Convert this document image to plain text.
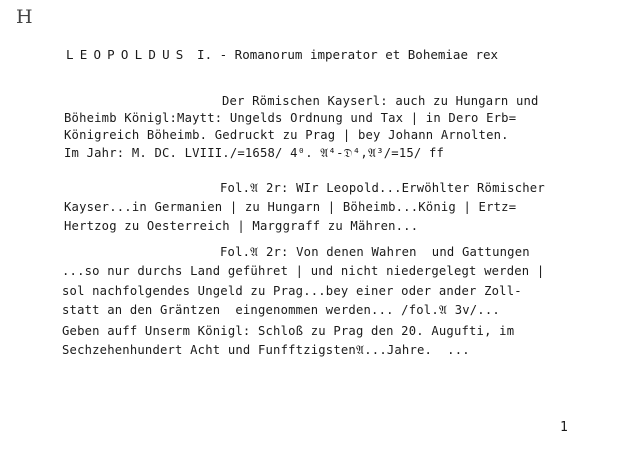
H
LEOPOLDUS I. - Romanorum imperator et Bohemiae rex
Der Römischen Kayserl: auch zu Hungarn und
Böheimb Königl:Maytt: Ungelds Ordnung und Tax | in Dero Erb=
Königreich Böheimb. Gedruckt zu Prag | bey Johann Arnolten.
Im Jahr: M. DC. LVIII./=1658/ 4⁰. 𝔄⁴-𝔇⁴,𝔄³/=15/ ff
Fol.𝔄 2r: WIr Leopold...Erwöhlter Römischer
Kayser...in Germanien | zu Hungarn | Böheimb...König | Ertz=
Hertzog zu Oesterreich | Marggraff zu Mähren...
Fol.𝔄 2r: Von denen Wahren  und Gattungen
...so nur durchs Land geführet | und nicht niedergelegt werden |
sol nachfolgendes Ungeld zu Prag...bey einer oder ander Zoll-
statt an den Gräntzen  eingenommen werden... /fol.𝔄 3v/...
Geben auff Unserm Königl: Schloß zu Prag den 20. Augufti, im
Sechzehenhundert Acht und Funfftzigsten𝔄...Jahre.  ...
1
